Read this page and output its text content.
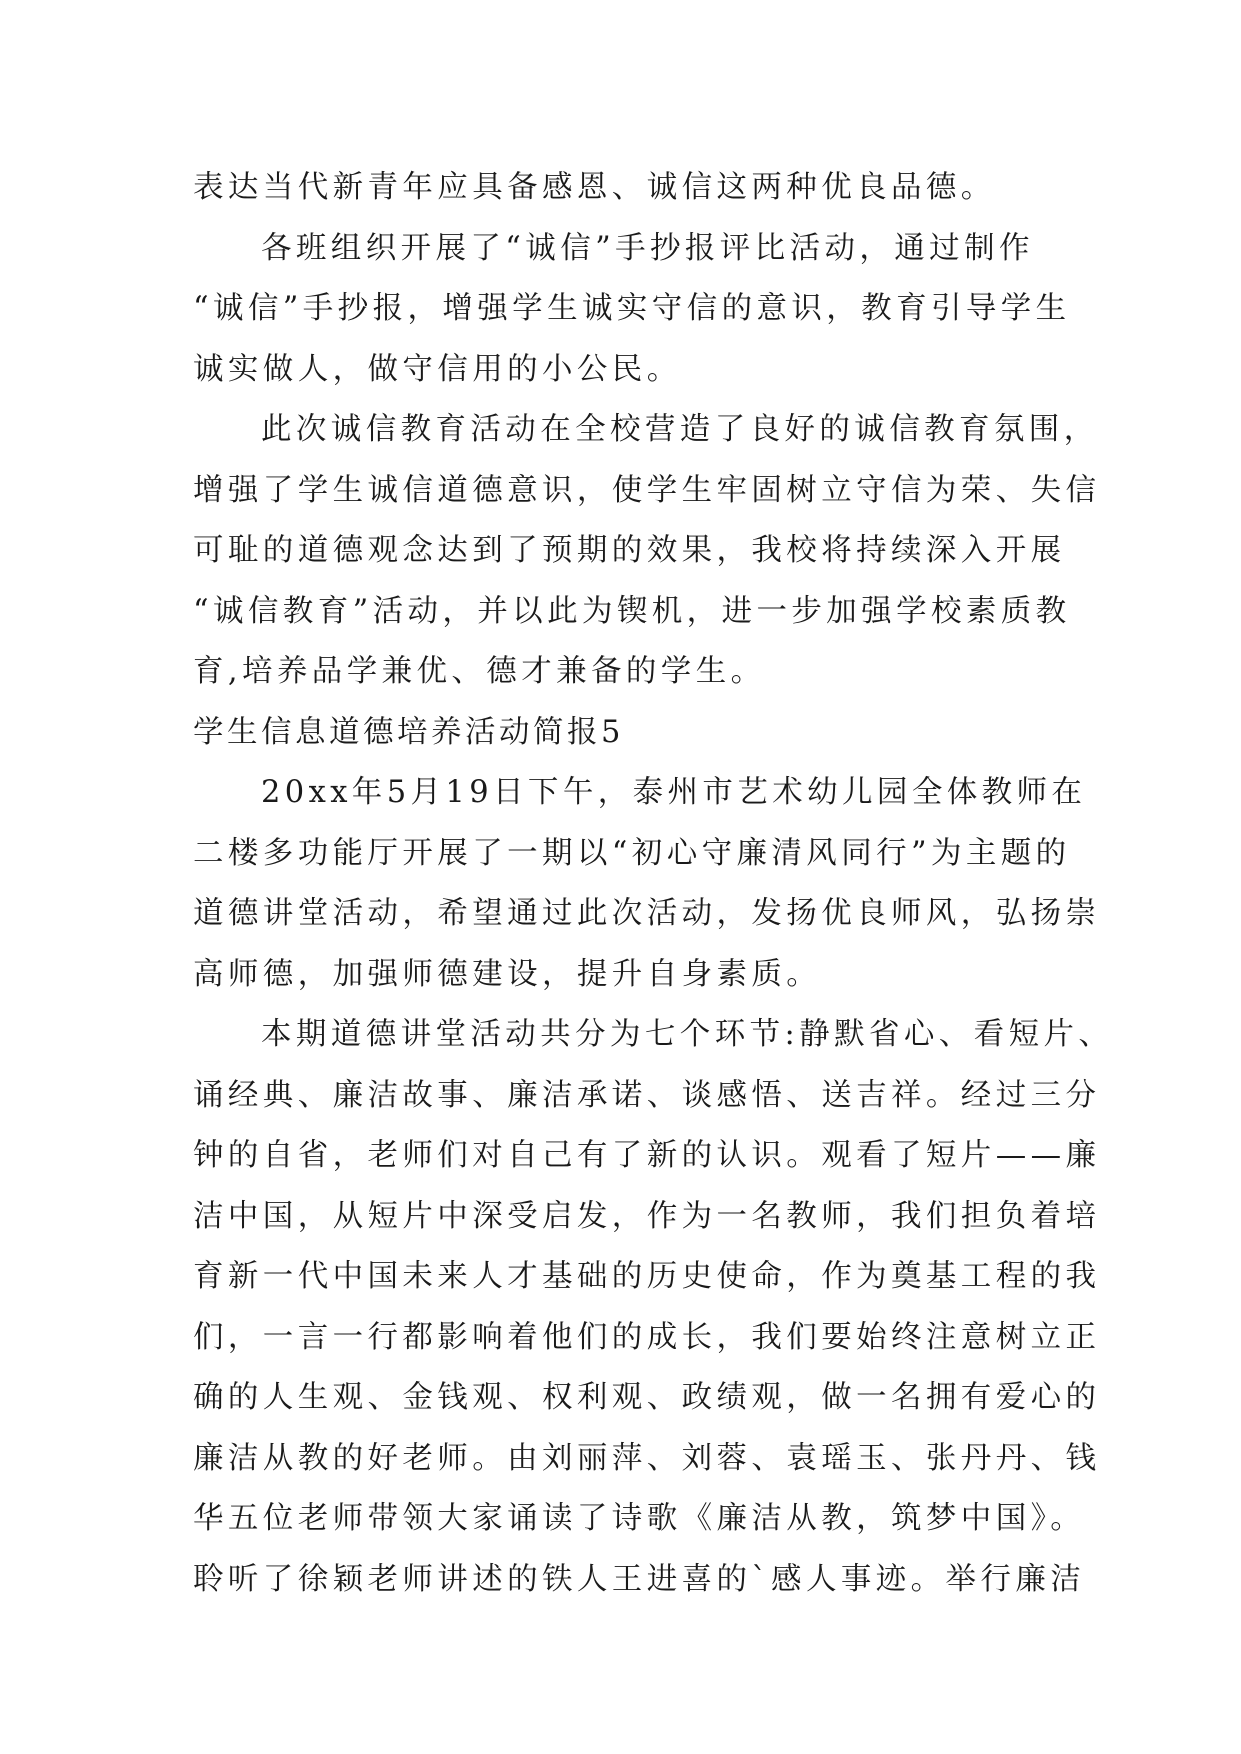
表达当代新青年应具备感恩、诚信这两种优良品德。
各班组织开展了“诚信”手抄报评比活动，通过制作
“诚信”手抄报，增强学生诚实守信的意识，教育引导学生
诚实做人，做守信用的小公民。
此次诚信教育活动在全校营造了良好的诚信教育氛围，
增强了学生诚信道德意识，使学生牢固树立守信为荣、失信
可耻的道德观念达到了预期的效果，我校将持续深入开展
“诚信教育”活动，并以此为锲机，进一步加强学校素质教
育,培养品学兼优、德才兼备的学生。
学生信息道德培养活动简报5
20xx年5月19日下午，泰州市艺术幼儿园全体教师在
二楼多功能厅开展了一期以“初心守廉清风同行”为主题的
道德讲堂活动，希望通过此次活动，发扬优良师风，弘扬崇
高师德，加强师德建设，提升自身素质。
本期道德讲堂活动共分为七个环节:静默省心、看短片、
诵经典、廉洁故事、廉洁承诺、谈感悟、送吉祥。经过三分
钟的自省，老师们对自己有了新的认识。观看了短片——廉
洁中国，从短片中深受启发，作为一名教师，我们担负着培
育新一代中国未来人才基础的历史使命，作为奠基工程的我
们，一言一行都影响着他们的成长，我们要始终注意树立正
确的人生观、金钱观、权利观、政绩观，做一名拥有爱心的
廉洁从教的好老师。由刘丽萍、刘蓉、袁瑶玉、张丹丹、钱
华五位老师带领大家诵读了诗歌《廉洁从教，筑梦中国》。
聆听了徐颖老师讲述的铁人王进喜的`感人事迹。举行廉洁
